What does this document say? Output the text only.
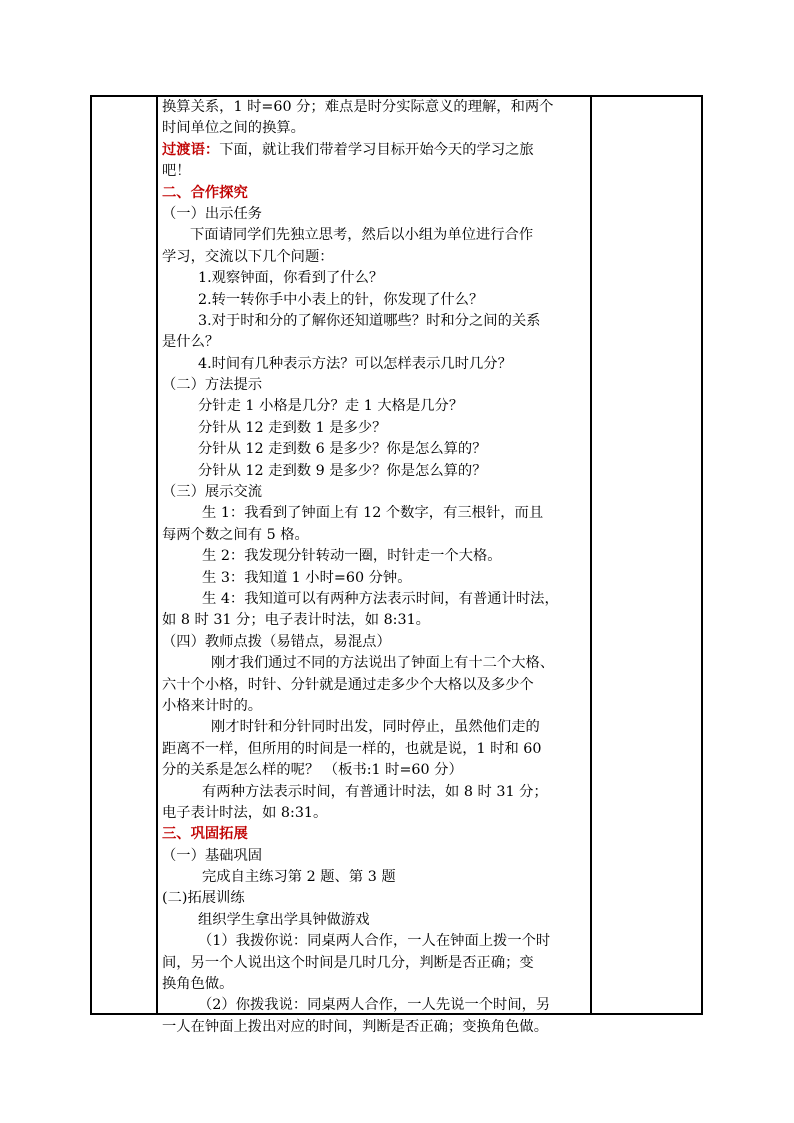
换算关系，1 时=60 分；难点是时分实际意义的理解，和两个
时间单位之间的换算。
过渡语：下面，就让我们带着学习目标开始今天的学习之旅
吧！
二、合作探究
（一）出示任务
下面请同学们先独立思考，然后以小组为单位进行合作
学习，交流以下几个问题：
1.观察钟面，你看到了什么？
2.转一转你手中小表上的针，你发现了什么？
3.对于时和分的了解你还知道哪些？时和分之间的关系
是什么？
4.时间有几种表示方法？可以怎样表示几时几分？
（二）方法提示
分针走 1 小格是几分？走 1 大格是几分？
分针从 12 走到数 1 是多少？
分针从 12 走到数 6 是多少？你是怎么算的？
分针从 12 走到数 9 是多少？你是怎么算的？
（三）展示交流
生 1：我看到了钟面上有 12 个数字，有三根针，而且
每两个数之间有 5 格。
生 2：我发现分针转动一圈，时针走一个大格。
生 3：我知道 1 小时=60 分钟。
生 4：我知道可以有两种方法表示时间，有普通计时法，
如 8 时 31 分；电子表计时法，如 8:31。
（四）教师点拨（易错点，易混点）
刚才我们通过不同的方法说出了钟面上有十二个大格、
六十个小格，时针、分针就是通过走多少个大格以及多少个
小格来计时的。
刚才时针和分针同时出发，同时停止，虽然他们走的
距离不一样，但所用的时间是一样的，也就是说，1 时和 60
分的关系是怎么样的呢？ （板书:1 时=60 分）
有两种方法表示时间，有普通计时法，如 8 时 31 分；
电子表计时法，如 8:31。
三、巩固拓展
（一）基础巩固
完成自主练习第 2 题、第 3 题
(二)拓展训练
组织学生拿出学具钟做游戏
（1）我拨你说：同桌两人合作，一人在钟面上拨一个时
间，另一个人说出这个时间是几时几分，判断是否正确；变
换角色做。
（2）你拨我说：同桌两人合作，一人先说一个时间，另
一人在钟面上拨出对应的时间，判断是否正确；变换角色做。
